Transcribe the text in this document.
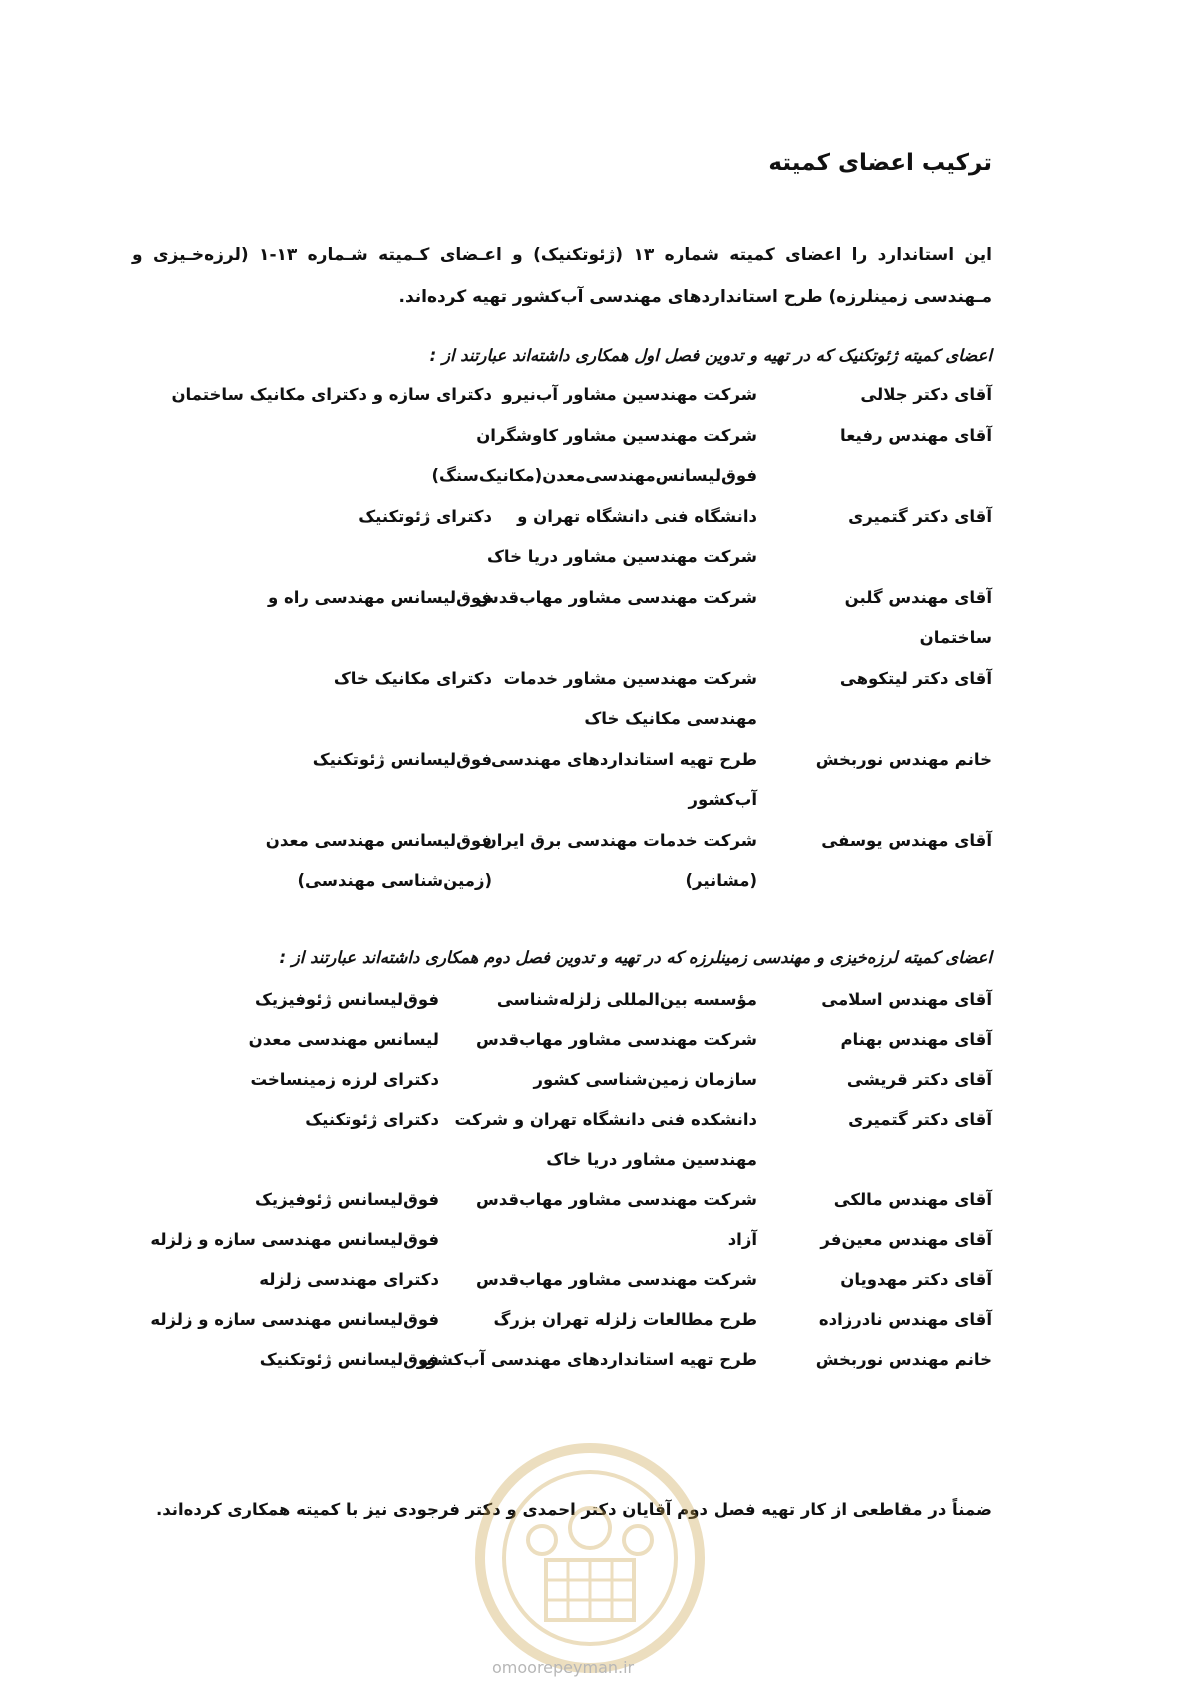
ترکیب اعضای کمیته

این استاندارد را اعضای کمیته شماره ۱۳ (ژئوتکنیک) و اعـضای کـمیته شـماره ۱۳-۱ (لرزه‌خـیزی و مـهندسی زمینلرزه) طرح استانداردهای مهندسی آب‌کشور تهیه کرده‌اند.

اعضای کمیته ژئوتکنیک که در تهیه و تدوین فصل اول همکاری داشته‌اند عبارتند از :

آقای دکتر جلالی
شرکت مهندسین مشاور آب‌نیرو
دکترای سازه و دکترای مکانیک ساختمان
آقای مهندس رفیعا
شرکت مهندسین مشاور کاوشگران
فوق‌لیسانس‌مهندسی‌معدن(مکانیک‌سنگ)
آقای دکتر گتمیری
دانشگاه فنی دانشگاه تهران و
دکترای ژئوتکنیک
شرکت مهندسین مشاور دریا خاک
آقای مهندس گلبن
شرکت مهندسی مشاور مهاب‌قدس
فوق‌لیسانس مهندسی راه و
ساختمان
آقای دکتر لیتکوهی
شرکت مهندسین مشاور خدمات
دکترای مکانیک خاک
مهندسی مکانیک خاک
خانم مهندس نوربخش
طرح تهیه استانداردهای مهندسی
فوق‌لیسانس ژئوتکنیک
آب‌کشور
آقای مهندس یوسفی
شرکت خدمات مهندسی برق ایران
فوق‌لیسانس مهندسی معدن
(مشانیر)
(زمین‌شناسی مهندسی)

اعضای کمیته لرزه‌خیزی و مهندسی زمینلرزه که در تهیه و تدوین فصل دوم همکاری داشته‌اند عبارتند از :

آقای مهندس اسلامی
مؤسسه بین‌المللی زلزله‌شناسی
فوق‌لیسانس ژئوفیزیک
آقای مهندس بهنام
شرکت مهندسی مشاور مهاب‌قدس
لیسانس مهندسی معدن
آقای دکتر قریشی
سازمان زمین‌شناسی کشور
دکترای لرزه زمینساخت
آقای دکتر گتمیری
دانشکده فنی دانشگاه تهران و شرکت
دکترای ژئوتکنیک
مهندسین مشاور دریا خاک
آقای مهندس مالکی
شرکت مهندسی مشاور مهاب‌قدس
فوق‌لیسانس ژئوفیزیک
آقای مهندس معین‌فر
آزاد
فوق‌لیسانس مهندسی سازه و زلزله
آقای دکتر مهدویان
شرکت مهندسی مشاور مهاب‌قدس
دکترای مهندسی زلزله
آقای مهندس نادرزاده
طرح مطالعات زلزله تهران بزرگ
فوق‌لیسانس مهندسی سازه و زلزله
خانم مهندس نوربخش
طرح تهیه استانداردهای مهندسی آب‌کشور
فوق‌لیسانس ژئوتکنیک

ضمناً در مقاطعی از کار تهیه فصل دوم آقایان دکتر احمدی و دکتر فرجودی نیز با کمیته همکاری کرده‌اند.

omoorepeyman.ir
